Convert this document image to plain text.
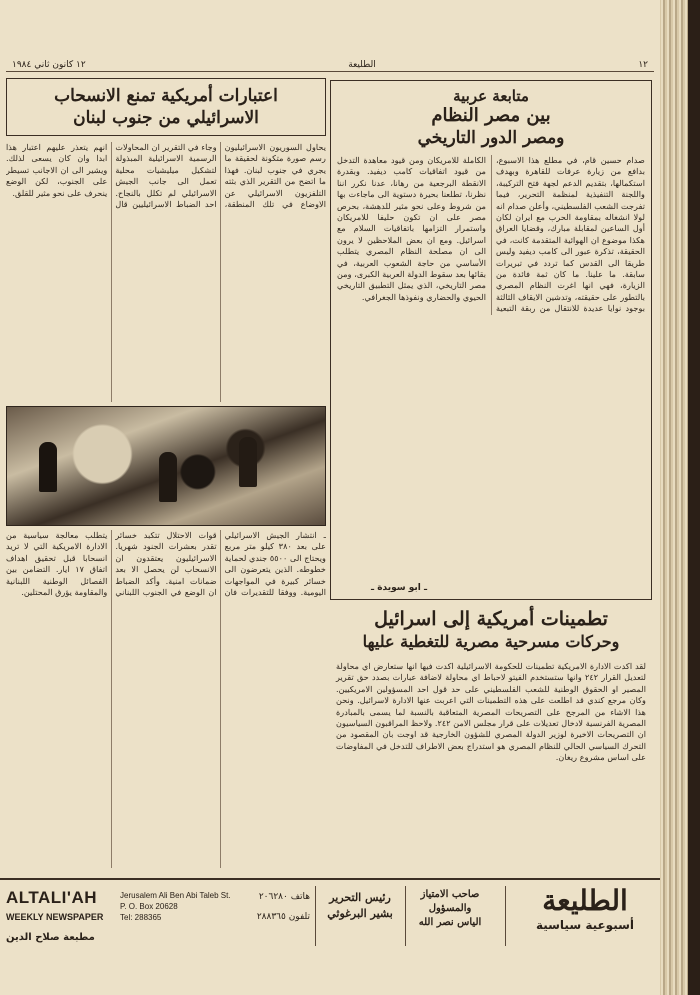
١٢
الطليعة
١٢ كانون ثاني ١٩٨٤
متابعة عربية
بين مصر النظام
ومصر الدور التاريخي
صدام حسين قام، في مطلع هذا الاسبوع، بدافع من زيارة عرفات للقاهرة وبهدف استكمالها، بتقديم الدعم لجهة فتح التركيبة، واللجنة التنفيذية لمنظمة التحرير، فيما تفرجت الشعب الفلسطيني، وأعلن صدام انه لولا انشغاله بمقاومة الحرب مع ايران لكان أول الساعين لمقابلة مبارك، وقضايا العراق هكذا موضوع ان الهوائية المتقدمة كانت، في الحقيقة، تذكرة عبور الى كامب ديفيد وليس طريقا الى القدس كما تردد في تبريرات سابقة. ما علينا. ما كان ثمة فائدة من الزيارة، فهي انها اغرت النظام المصري بالتطور على حقيقته، وتدشين الايقاف الثالثة بوجود نوايا عديدة للانتقال من ربقة التبعية الكاملة للامريكان ومن قيود معاهدة التدخل من قيود اتفاقيات كامب ديفيد. وبقدرة الانقطة البرجعية من رهانا، عدنا نكرر اننا نظرنا، تطلعنا بحيرة دستوية الى ماجاءت بها من شروط وعلى نحو مثير للدهشة، بحرص مصر على ان تكون حليفا للامريكان واستمرار التزامها باتفاقيات السلام مع اسرائيل. ومع ان بعض الملاحظين لا يرون الى ان مصلحة النظام المصري يتطلب الأساسي من حاجة الشعوب العربية، في بقائها بعد سقوط الدولة العربية الكبرى، ومن مصر التاريخي، الذي يمثل التطبيق التاريخي الحيوي والحضاري ونفوذها الجغرافي.
ـ ابو سويدة ـ
تطمينات أمريكية إلى اسرائيل
وحركات مسرحية مصرية للتغطية عليها
لقد اكدت الادارة الامريكية تطمينات للحكومة الاسرائيلية اكدت فيها انها ستعارض اي محاولة لتعديل القرار ٢٤٢ وانها ستستخدم الفيتو لاحباط اي محاولة لاضافة عبارات بصدد حق تقرير المصير او الحقوق الوطنية للشعب الفلسطيني على حد قول احد المسؤولين الامريكيين. وكان مرجع كندي قد اطلعت على هذه التطمينات التي اعربت عنها الادارة لاسرائيل. ونحن هذا الاشاء من المرجح على التصريحات المصرية المتعاقبة بالنسبة لما يسمى بالمبادرة المصرية الفرنسية لادخال تعديلات على قرار مجلس الامن ٢٤٢. ولاحظ المراقبون السياسيون ان التصريحات الاخيرة لوزير الدولة المصري للشؤون الخارجية قد اوجت بان المقصود من التحرك السياسي الحالي للنظام المصري هو استدراج بعض الاطراف للتدخل في المفاوضات على اساس مشروع ريغان.
اعتبارات أمريكية تمنع الانسحاب
الاسرائيلي من جنوب لبنان
يحاول السوريون الاسرائيليون رسم صورة متكونة لحقيقة ما يجري في جنوب لبنان. فهذا ما اتضح من التقرير الذي بثته التلفزيون الاسرائيلي عن الاوضاع في تلك المنطقة، وجاء في التقرير ان المحاولات الرسمية الاسرائيلية المبذولة لتشكيل ميليشيات محلية تعمل الى جانب الجيش الاسرائيلي لم تكلل بالنجاح. احد الضباط الاسرائيليين قال انهم يتعذر عليهم اعتبار هذا ابدا وان كان يسعى لذلك. ويشير الى ان الاجانب تسيطر على الجنوب، لكن الوضع ينحرف على نحو مثير للقلق.
ـ انتشار الجيش الاسرائيلي على بعد ٣٨٠ كيلو متر مربع ويحتاج الى ٥٥٠٠ جندي لحماية خطوطه. الذين يتعرضون الى خسائر كبيرة في المواجهات اليومية. ووفقا للتقديرات فان قوات الاحتلال تتكبد خسائر تقدر بعشرات الجنود شهريا. الاسرائيليون يعتقدون ان الانسحاب لن يحصل الا بعد ضمانات امنية. وأكد الضباط ان الوضع في الجنوب اللبناني يتطلب معالجة سياسية من الادارة الامريكية التي لا تريد انسحابا قبل تحقيق اهداف اتفاق ١٧ ايار. التضامن بين الفصائل الوطنية اللبنانية والمقاومة يؤرق المحتلين.
ALTALI'AH
WEEKLY NEWSPAPER
مطبعة صلاح الدين
Jerusalem Ali Ben Abi Taleb St.
P. O. Box 20628
Tel: 288365
هاتف ٢٠٦٢٨٠
تلفون ٢٨٨٣٦٥
رئيس التحرير
بشير البرغوثي
صاحب الامتياز والمسؤول
الياس نصر الله
الطليعة
أسبوعية سياسية
